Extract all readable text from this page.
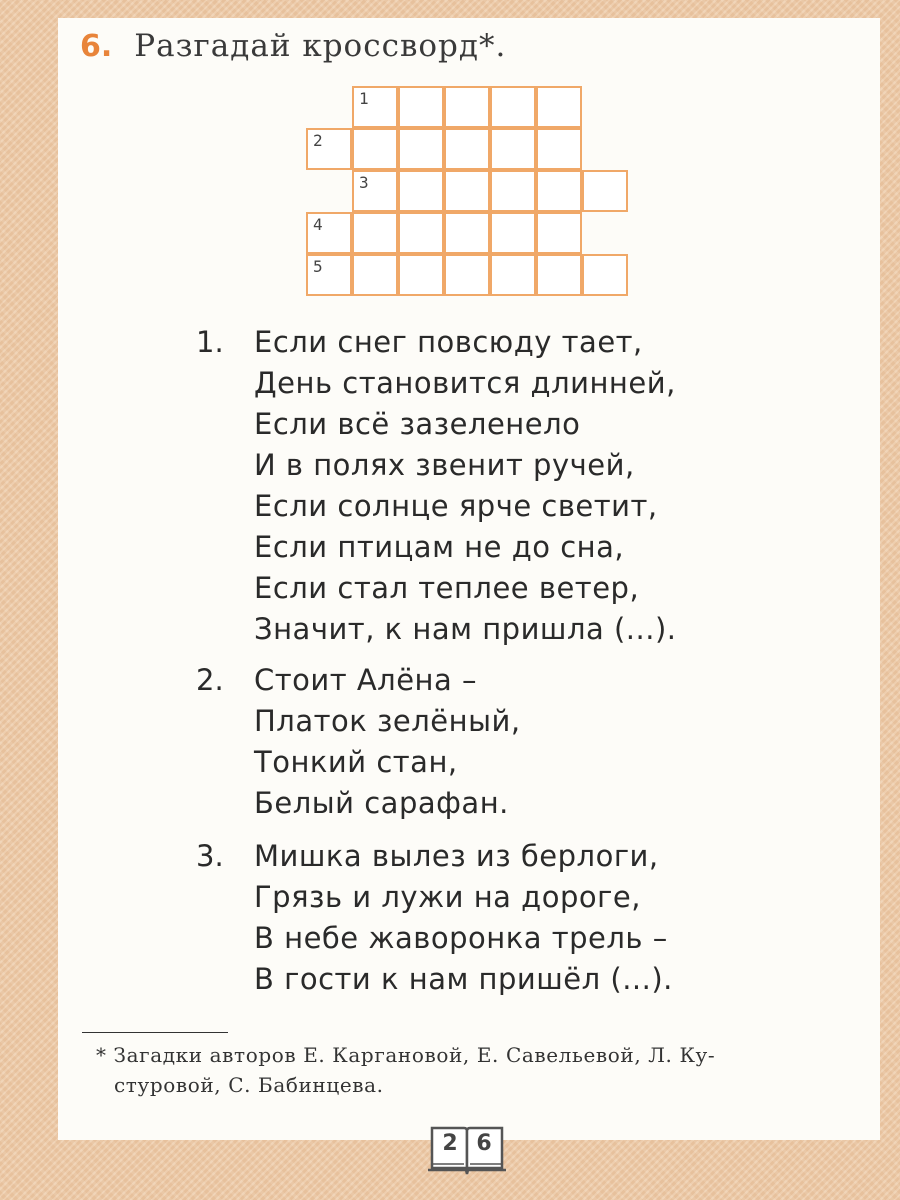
6. Разгадай кроссворд*.
1
2
3
4
5
1.	Если снег повсюду тает,
День становится длинней,
Если всё зазеленело
И в полях звенит ручей,
Если солнце ярче светит,
Если птицам не до сна,
Если стал теплее ветер,
Значит, к нам пришла (...).
2.	Стоит Алёна –
Платок зелёный,
Тонкий стан,
Белый сарафан.
3.	Мишка вылез из берлоги,
Грязь и лужи на дороге,
В небе жаворонка трель –
В гости к нам пришёл (...).
* Загадки авторов Е. Каргановой, Е. Савельевой, Л. Ку-
стуровой, С. Бабинцева.
2 6
